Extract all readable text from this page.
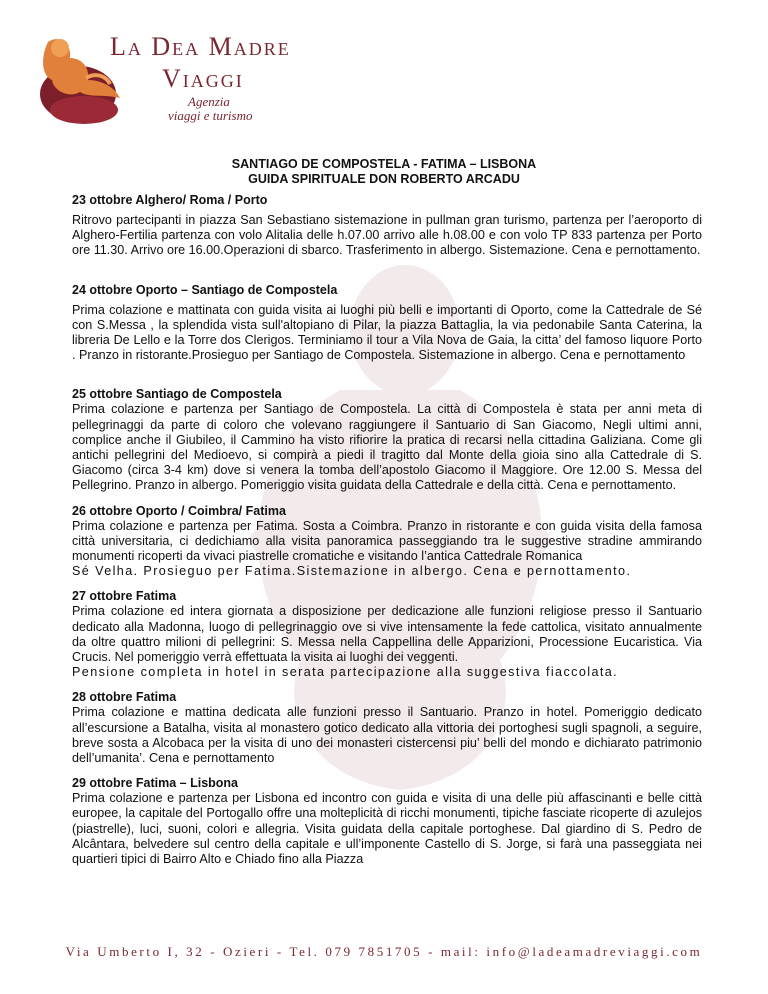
La Dea Madre
Viaggi
Agenzia
viaggi e turismo
SANTIAGO DE COMPOSTELA - FATIMA – LISBONA
GUIDA SPIRITUALE DON ROBERTO ARCADU
23 ottobre Alghero/ Roma / Porto

Ritrovo partecipanti in piazza San Sebastiano sistemazione in pullman gran turismo, partenza per l’aeroporto di Alghero-Fertilia partenza con volo Alitalia delle h.07.00 arrivo alle h.08.00 e con volo TP 833 partenza per Porto ore 11.30. Arrivo ore 16.00.Operazioni di sbarco. Trasferimento in albergo. Sistemazione. Cena e pernottamento.

24 ottobre Oporto – Santiago de Compostela

Prima colazione e mattinata con guida visita ai luoghi più belli e importanti di Oporto, come la Cattedrale de Sé con S.Messa , la splendida vista sull'altopiano di Pilar, la piazza Battaglia, la via pedonabile Santa Caterina, la libreria De Lello e la Torre dos Clerigos. Terminiamo il tour a Vila Nova de Gaia, la citta’ del famoso liquore Porto . Pranzo in ristorante.Prosieguo per Santiago de Compostela. Sistemazione in albergo. Cena e pernottamento

25 ottobre Santiago de Compostela

Prima colazione e partenza per Santiago de Compostela. La città di Compostela è stata per anni meta di pellegrinaggi da parte di coloro che volevano raggiungere il Santuario di San Giacomo, Negli ultimi anni, complice anche il Giubileo, il Cammino ha visto rifiorire la pratica di recarsi nella cittadina Galiziana. Come gli antichi pellegrini del Medioevo, si compirà a piedi il tragitto dal Monte della gioia sino alla Cattedrale di S. Giacomo (circa 3-4 km) dove si venera la tomba dell’apostolo Giacomo il Maggiore. Ore 12.00 S. Messa del Pellegrino. Pranzo in albergo. Pomeriggio visita guidata della Cattedrale e della città. Cena e pernottamento.

26 ottobre Oporto / Coimbra/ Fatima

Prima colazione e partenza per Fatima. Sosta a Coimbra. Pranzo in ristorante e con guida visita della famosa città universitaria, ci dedichiamo alla visita panoramica passeggiando tra le suggestive stradine ammirando monumenti ricoperti da vivaci piastrelle cromatiche e visitando l’antica Cattedrale Romanica

Sé Velha. Prosieguo per Fatima.Sistemazione in albergo. Cena e pernottamento.

27 ottobre Fatima

Prima colazione ed intera giornata a disposizione per dedicazione alle funzioni religiose presso il Santuario dedicato alla Madonna, luogo di pellegrinaggio ove si vive intensamente la fede cattolica, visitato annualmente da oltre quattro milioni di pellegrini: S. Messa nella Cappellina delle Apparizioni, Processione Eucaristica. Via Crucis. Nel pomeriggio verrà effettuata la visita ai luoghi dei veggenti.

Pensione completa in hotel in serata partecipazione alla suggestiva fiaccolata.

28 ottobre Fatima

Prima colazione e mattina dedicata alle funzioni presso il Santuario. Pranzo in hotel. Pomeriggio dedicato all’escursione a Batalha, visita al monastero gotico dedicato alla vittoria dei portoghesi sugli spagnoli, a seguire, breve sosta a Alcobaca per la visita di uno dei monasteri cistercensi piu’ belli del mondo e dichiarato patrimonio dell’umanita’. Cena e pernottamento

29 ottobre Fatima – Lisbona

Prima colazione e partenza per Lisbona ed incontro con guida e visita di una delle più affascinanti e belle città europee, la capitale del Portogallo offre una molteplicità di ricchi monumenti, tipiche fasciate ricoperte di azulejos (piastrelle), luci, suoni, colori e allegria. Visita guidata della capitale portoghese. Dal giardino di S. Pedro de Alcântara, belvedere sul centro della capitale e ull’imponente Castello di S. Jorge, si farà una passeggiata nei quartieri tipici di Bairro Alto e Chiado fino alla Piazza

Via Umberto I, 32 - Ozieri - Tel. 079 7851705 - mail: info@ladeamadreviaggi.com
